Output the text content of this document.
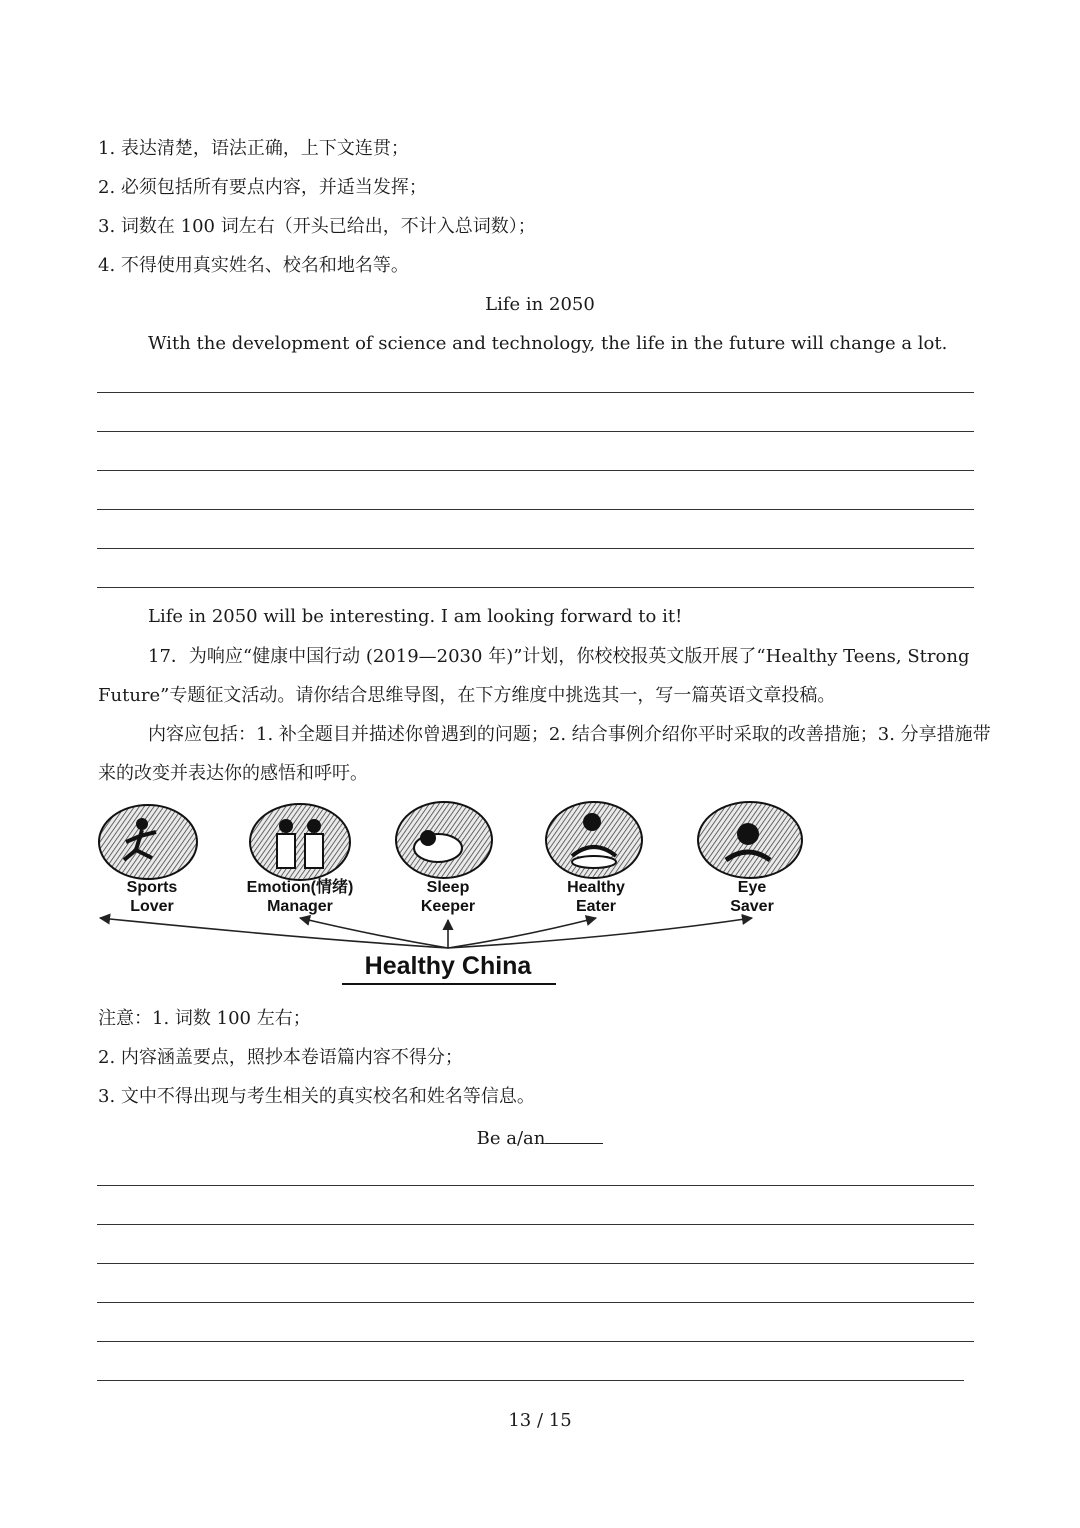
1. 表达清楚，语法正确，上下文连贯；
2. 必须包括所有要点内容，并适当发挥；
3. 词数在 100 词左右（开头已给出，不计入总词数）；
4. 不得使用真实姓名、校名和地名等。
Life in 2050
With the development of science and technology, the life in the future will change a lot.
Life in 2050 will be interesting. I am looking forward to it!
17．为响应“健康中国行动 (2019—2030 年)”计划，你校校报英文版开展了“Healthy Teens, Strong Future”专题征文活动。请你结合思维导图，在下方维度中挑选其一，写一篇英语文章投稿。
内容应包括：1. 补全题目并描述你曾遇到的问题；2. 结合事例介绍你平时采取的改善措施；3. 分享措施带来的改变并表达你的感悟和呼吁。
Sports
Lover
Emotion(情绪)
Manager
Sleep
Keeper
Healthy
Eater
Eye
Saver
Healthy China
注意：1. 词数 100 左右；
2. 内容涵盖要点，照抄本卷语篇内容不得分；
3. 文中不得出现与考生相关的真实校名和姓名等信息。
Be a/an
13 / 15
